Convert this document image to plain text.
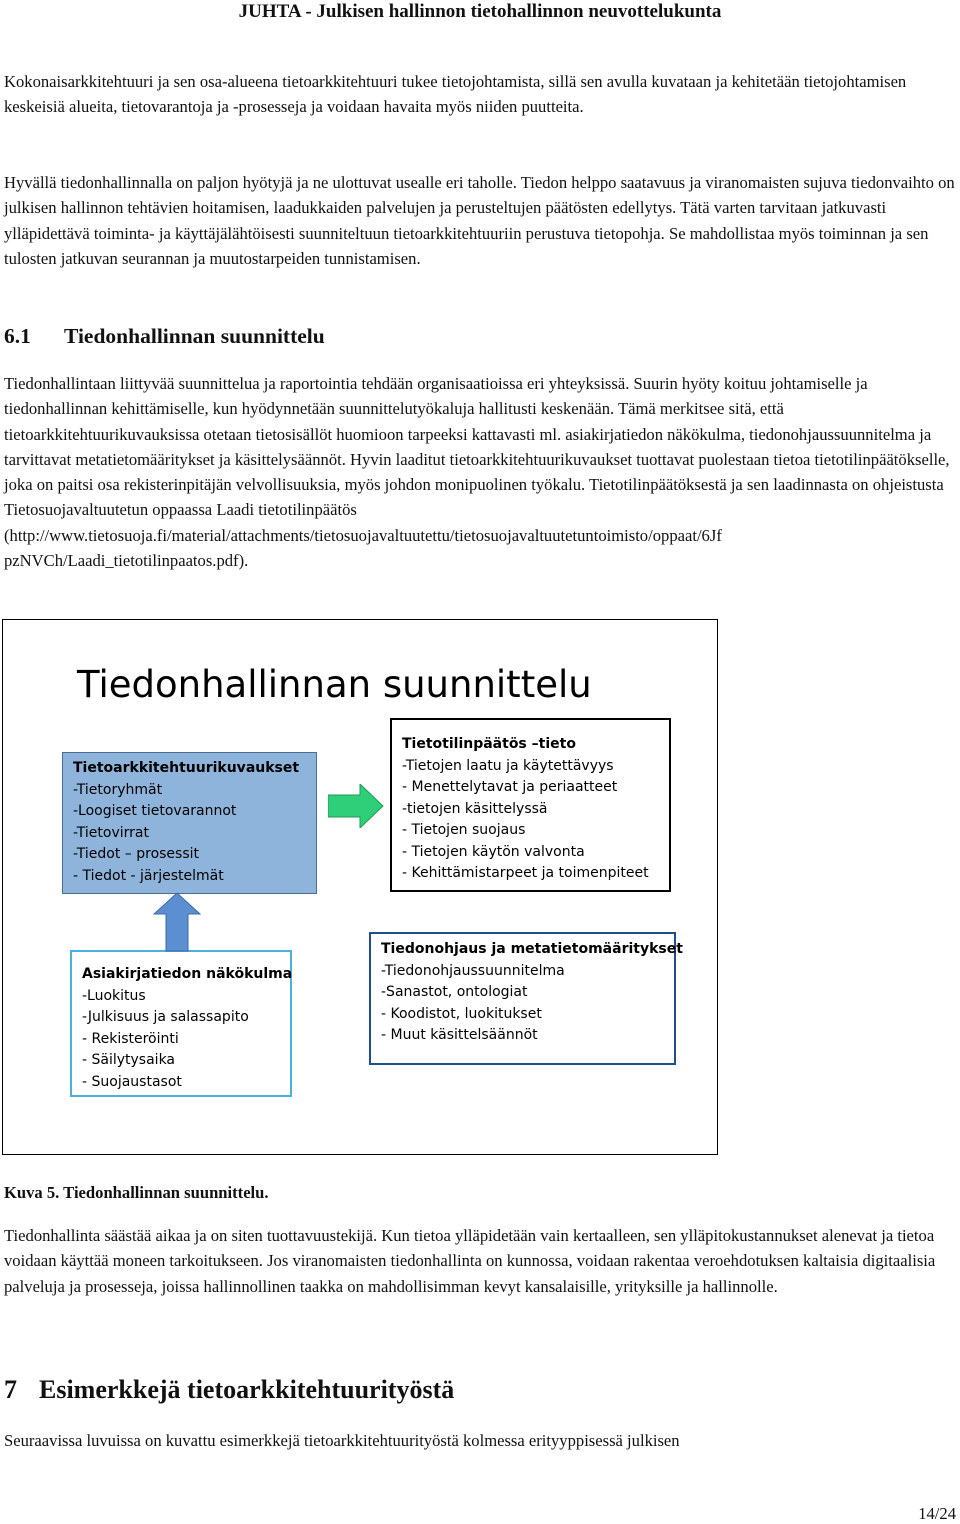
JUHTA - Julkisen hallinnon tietohallinnon neuvottelukunta

Kokonaisarkkitehtuuri ja sen osa-alueena tietoarkkitehtuuri tukee tietojohtamista, sillä sen avulla kuvataan ja kehitetään tietojohtamisen keskeisiä alueita, tietovarantoja ja -prosesseja ja voidaan havaita myös niiden puutteita.

Hyvällä tiedonhallinnalla on paljon hyötyjä ja ne ulottuvat usealle eri taholle. Tiedon helppo saatavuus ja viranomaisten sujuva tiedonvaihto on julkisen hallinnon tehtävien hoitamisen, laadukkaiden palvelujen ja perusteltujen päätösten edellytys. Tätä varten tarvitaan jatkuvasti ylläpidettävä toiminta- ja käyttäjälähtöisesti suunniteltuun tietoarkkitehtuuriin perustuva tietopohja. Se mahdollistaa myös toiminnan ja sen tulosten jatkuvan seurannan ja muutostarpeiden tunnistamisen.

6.1 Tiedonhallinnan suunnittelu

Tiedonhallintaan liittyvää suunnittelua ja raportointia tehdään organisaatioissa eri yhteyksissä. Suurin hyöty koituu johtamiselle ja tiedonhallinnan kehittämiselle, kun hyödynnetään suunnittelutyökaluja hallitusti keskenään. Tämä merkitsee sitä, että tietoarkkitehtuurikuvauksissa otetaan tietosisällöt huomioon tarpeeksi kattavasti ml. asiakirjatiedon näkökulma, tiedonohjaussuunnitelma ja tarvittavat metatietomääritykset ja käsittelysäännöt. Hyvin laaditut tietoarkkitehtuurikuvaukset tuottavat puolestaan tietoa tietotilinpäätökselle, joka on paitsi osa rekisterinpitäjän velvollisuuksia, myös johdon monipuolinen työkalu. Tietotilinpäätöksestä ja sen laadinnasta on ohjeistusta Tietosuojavaltuutetun oppaassa Laadi tietotilinpäätös (http://www.tietosuoja.fi/material/attachments/tietosuojavaltuutettu/tietosuojavaltuutetuntoimisto/oppaat/6Jf pzNVCh/Laadi_tietotilinpaatos.pdf).

Tiedonhallinnan suunnittelu
Tietoarkkitehtuurikuvaukset
-Tietoryhmät
-Loogiset tietovarannot
-Tietovirrat
-Tiedot – prosessit
- Tiedot - järjestelmät
Tietotilinpäätös –tieto
-Tietojen laatu ja käytettävyys
- Menettelytavat ja periaatteet
-tietojen käsittelyssä
- Tietojen suojaus
- Tietojen käytön valvonta
- Kehittämistarpeet ja toimenpiteet
Asiakirjatiedon näkökulma
-Luokitus
-Julkisuus ja salassapito
- Rekisteröinti
- Säilytysaika
- Suojaustasot
Tiedonohjaus ja metatietomääritykset
-Tiedonohjaussuunnitelma
-Sanastot, ontologiat
- Koodistot, luokitukset
- Muut käsittelsäännöt
Kuva 5. Tiedonhallinnan suunnittelu.

Tiedonhallinta säästää aikaa ja on siten tuottavuustekijä. Kun tietoa ylläpidetään vain kertaalleen, sen ylläpitokustannukset alenevat ja tietoa voidaan käyttää moneen tarkoitukseen. Jos viranomaisten tiedonhallinta on kunnossa, voidaan rakentaa veroehdotuksen kaltaisia digitaalisia palveluja ja prosesseja, joissa hallinnollinen taakka on mahdollisimman kevyt kansalaisille, yrityksille ja hallinnolle.

7 Esimerkkejä tietoarkkitehtuurityöstä

Seuraavissa luvuissa on kuvattu esimerkkejä tietoarkkitehtuurityöstä kolmessa erityyppisessä julkisen

14/24
